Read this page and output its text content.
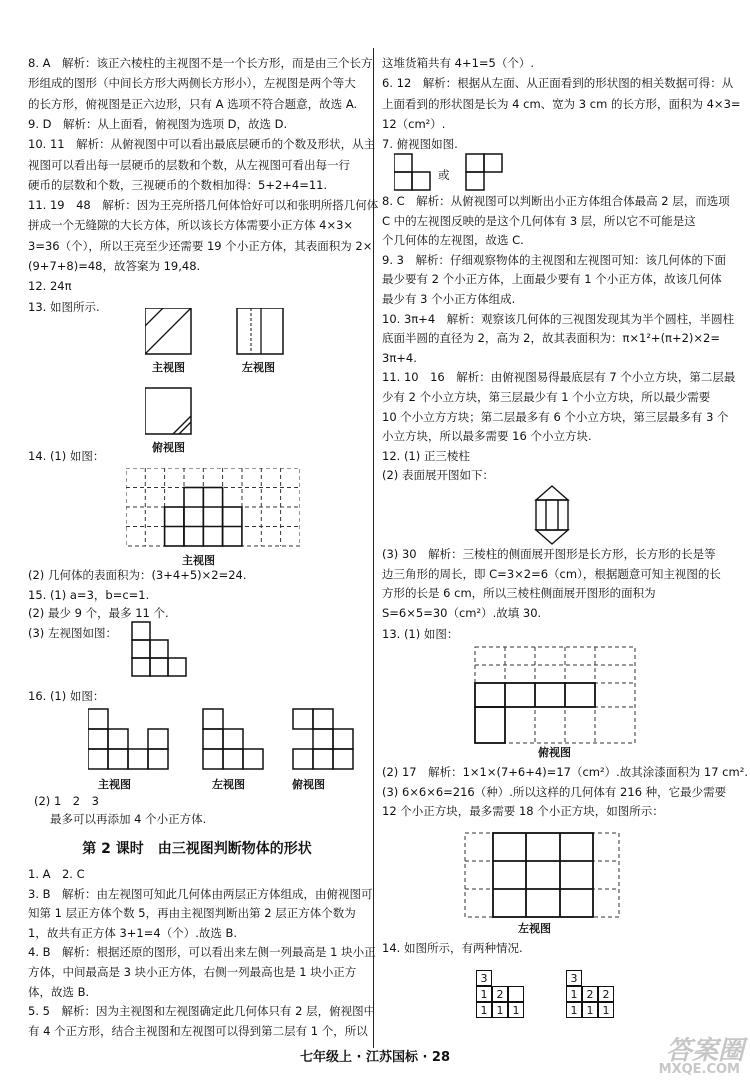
8. A　解析：该正六棱柱的主视图不是一个长方形，而是由三个长方
形组成的图形（中间长方形大两侧长方形小），左视图是两个等大
的长方形，俯视图是正六边形，只有 A 选项不符合题意，故选 A.
9. D　解析：从上面看，俯视图为选项 D，故选 D.
10. 11　解析：从俯视图中可以看出最底层硬币的个数及形状，从主
视图可以看出每一层硬币的层数和个数，从左视图可看出每一行
硬币的层数和个数，三视硬币的个数相加得：5+2+4=11.
11. 19　48　解析：因为王亮所搭几何体恰好可以和张明所搭几何体
拼成一个无缝隙的大长方体，所以该长方体需要小正方体 4×3×
3=36（个），所以王亮至少还需要 19 个小正方体，其表面积为 2×
(9+7+8)=48，故答案为 19,48.
12. 24π
13. 如图所示.
主视图	左视图
俯视图
14. (1) 如图：
主视图
(2) 几何体的表面积为：(3+4+5)×2=24.
15. (1) a=3，b=c=1.
(2) 最少 9 个，最多 11 个.
(3) 左视图如图：
16. (1) 如图：
主视图	左视图	俯视图
(2) 1　2　3
最多可以再添加 4 个小正方体.
第 2 课时　由三视图判断物体的形状
1. A　2. C
3. B　解析：由左视图可知此几何体由两层正方体组成，由俯视图可
知第 1 层正方体个数 5，再由主视图判断出第 2 层正方体个数为
1，故共有正方体 3+1=4（个）.故选 B.
4. B　解析：根据还原的图形，可以看出来左侧一列最高是 1 块小正
方体，中间最高是 3 块小正方体，右侧一列最高也是 1 块小正方
体，故选 B.
5. 5　解析：因为主视图和左视图确定此几何体只有 2 层，俯视图中
有 4 个正方形，结合主视图和左视图可以得到第二层有 1 个，所以
这堆货箱共有 4+1=5（个）.
6. 12　解析：根据从左面、从正面看到的形状图的相关数据可得：从
上面看到的形状图是长为 4 cm、宽为 3 cm 的长方形，面积为 4×3=
12（cm²）.
7. 俯视图如图.
或
8. C　解析：从俯视图可以判断出小正方体组合体最高 2 层，而选项
C 中的左视图反映的是这个几何体有 3 层，所以它不可能是这
个几何体的左视图，故选 C.
9. 3　解析：仔细观察物体的主视图和左视图可知：该几何体的下面
最少要有 2 个小正方体，上面最少要有 1 个小正方体，故该几何体
最少有 3 个小正方体组成.
10. 3π+4　解析：观察该几何体的三视图发现其为半个圆柱，半圆柱
底面半圆的直径为 2，高为 2，故其表面积为：π×1²+(π+2)×2=
3π+4.
11. 10　16　解析：由俯视图易得最底层有 7 个小立方块，第二层最
少有 2 个小立方块，第三层最少有 1 个小立方块，所以最少需要
10 个小立方方块；第二层最多有 6 个小立方块，第三层最多有 3 个
小立方块，所以最多需要 16 个小立方块.
12. (1) 正三棱柱
(2) 表面展开图如下：
(3) 30　解析：三棱柱的侧面展开图形是长方形，长方形的长是等
边三角形的周长，即 C=3×2=6（cm），根据题意可知主视图的长
方形的长是 6 cm，所以三棱柱侧面展开图形的面积为
S=6×5=30（cm²）.故填 30.
13. (1) 如图：
俯视图
(2) 17　解析：1×1×(7+6+4)=17（cm²）.故其涂漆面积为 17 cm².
(3) 6×6×6=216（种）.所以这样的几何体有 216 种，它最少需要
12 个小正方块，最多需要 18 个小正方块，如图所示：
左视图
14. 如图所示，有两种情况.
3
1 2
1 1 1
3
1 2 2
1 1 1
七年级上 · 江苏国标 · 28	答案圈
MXQE.COM
